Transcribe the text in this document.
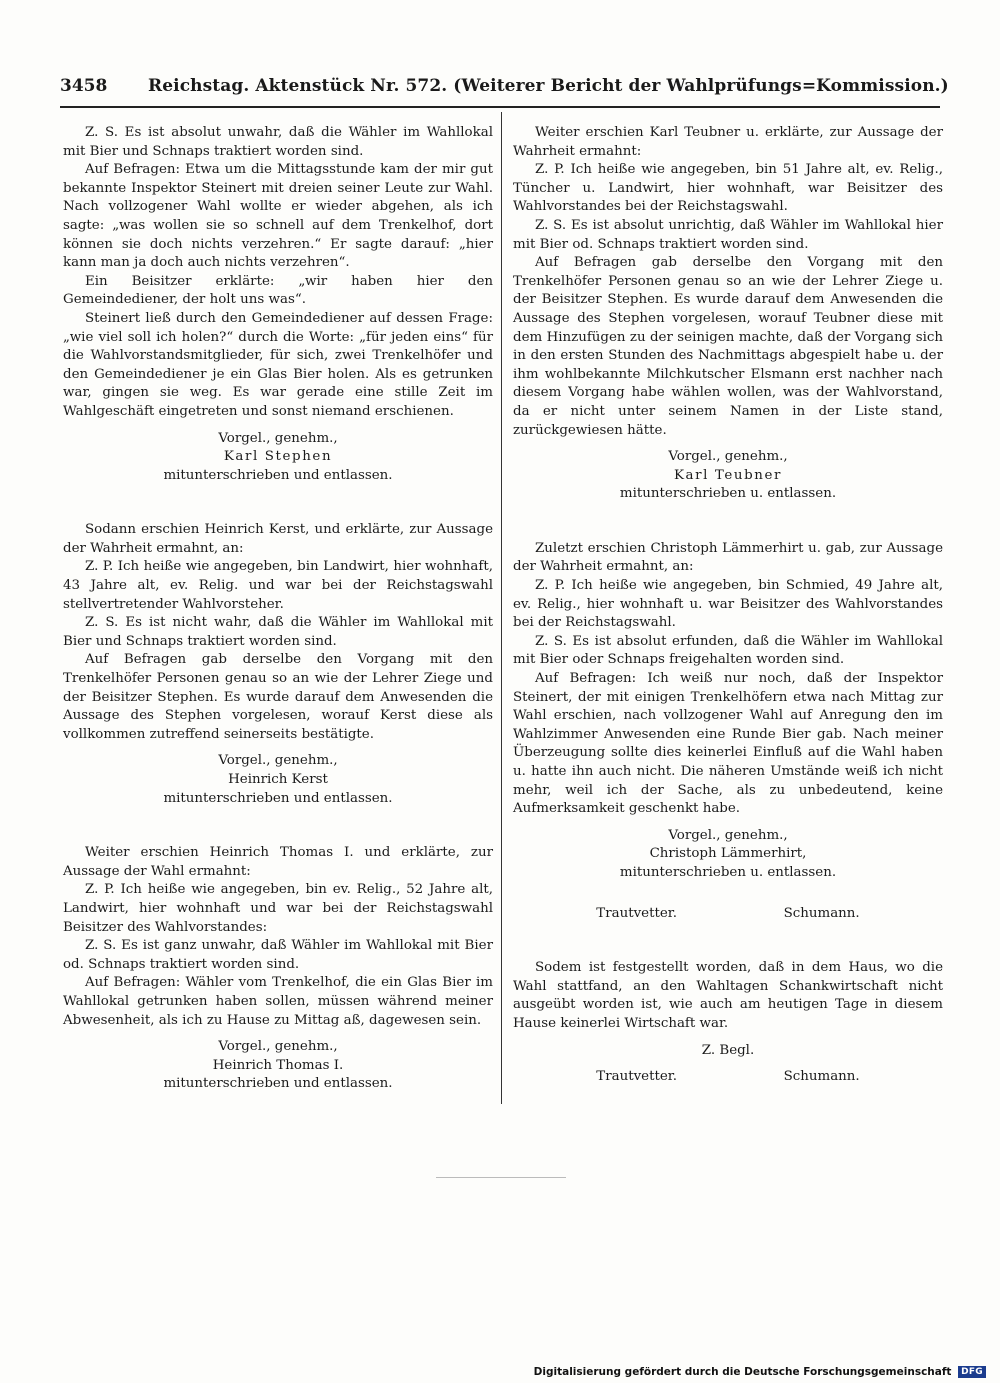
3458 Reichstag. Aktenstück Nr. 572. (Weiterer Bericht der Wahlprüfungs=Kommission.)

Z. S. Es ist absolut unwahr, daß die Wähler im Wahllokal mit Bier und Schnaps traktiert worden sind.

Auf Befragen: Etwa um die Mittagsstunde kam der mir gut bekannte Inspektor Steinert mit dreien seiner Leute zur Wahl. Nach vollzogener Wahl wollte er wieder abgehen, als ich sagte: „was wollen sie so schnell auf dem Trenkelhof, dort können sie doch nichts verzehren.“ Er sagte darauf: „hier kann man ja doch auch nichts verzehren“.

Ein Beisitzer erklärte: „wir haben hier den Gemeindediener, der holt uns was“.

Steinert ließ durch den Gemeindediener auf dessen Frage: „wie viel soll ich holen?“ durch die Worte: „für jeden eins“ für die Wahlvorstandsmitglieder, für sich, zwei Trenkelhöfer und den Gemeindediener je ein Glas Bier holen. Als es getrunken war, gingen sie weg. Es war gerade eine stille Zeit im Wahlgeschäft eingetreten und sonst niemand erschienen.

Vorgel., genehm.,

Karl Stephen

mitunterschrieben und entlassen.

Sodann erschien Heinrich Kerst, und erklärte, zur Aussage der Wahrheit ermahnt, an:

Z. P. Ich heiße wie angegeben, bin Landwirt, hier wohnhaft, 43 Jahre alt, ev. Relig. und war bei der Reichstagswahl stellvertretender Wahlvorsteher.

Z. S. Es ist nicht wahr, daß die Wähler im Wahllokal mit Bier und Schnaps traktiert worden sind.

Auf Befragen gab derselbe den Vorgang mit den Trenkelhöfer Personen genau so an wie der Lehrer Ziege und der Beisitzer Stephen. Es wurde darauf dem Anwesenden die Aussage des Stephen vorgelesen, worauf Kerst diese als vollkommen zutreffend seinerseits bestätigte.

Vorgel., genehm.,

Heinrich Kerst

mitunterschrieben und entlassen.

Weiter erschien Heinrich Thomas I. und erklärte, zur Aussage der Wahl ermahnt:

Z. P. Ich heiße wie angegeben, bin ev. Relig., 52 Jahre alt, Landwirt, hier wohnhaft und war bei der Reichstagswahl Beisitzer des Wahlvorstandes:

Z. S. Es ist ganz unwahr, daß Wähler im Wahllokal mit Bier od. Schnaps traktiert worden sind.

Auf Befragen: Wähler vom Trenkelhof, die ein Glas Bier im Wahllokal getrunken haben sollen, müssen während meiner Abwesenheit, als ich zu Hause zu Mittag aß, dagewesen sein.

Vorgel., genehm.,

Heinrich Thomas I.

mitunterschrieben und entlassen.

Weiter erschien Karl Teubner u. erklärte, zur Aussage der Wahrheit ermahnt:

Z. P. Ich heiße wie angegeben, bin 51 Jahre alt, ev. Relig., Tüncher u. Landwirt, hier wohnhaft, war Beisitzer des Wahlvorstandes bei der Reichstagswahl.

Z. S. Es ist absolut unrichtig, daß Wähler im Wahllokal hier mit Bier od. Schnaps traktiert worden sind.

Auf Befragen gab derselbe den Vorgang mit den Trenkelhöfer Personen genau so an wie der Lehrer Ziege u. der Beisitzer Stephen. Es wurde darauf dem Anwesenden die Aussage des Stephen vorgelesen, worauf Teubner diese mit dem Hinzufügen zu der seinigen machte, daß der Vorgang sich in den ersten Stunden des Nachmittags abgespielt habe u. der ihm wohlbekannte Milchkutscher Elsmann erst nachher nach diesem Vorgang habe wählen wollen, was der Wahlvorstand, da er nicht unter seinem Namen in der Liste stand, zurückgewiesen hätte.

Vorgel., genehm.,

Karl Teubner

mitunterschrieben u. entlassen.

Zuletzt erschien Christoph Lämmerhirt u. gab, zur Aussage der Wahrheit ermahnt, an:

Z. P. Ich heiße wie angegeben, bin Schmied, 49 Jahre alt, ev. Relig., hier wohnhaft u. war Beisitzer des Wahlvorstandes bei der Reichstagswahl.

Z. S. Es ist absolut erfunden, daß die Wähler im Wahllokal mit Bier oder Schnaps freigehalten worden sind.

Auf Befragen: Ich weiß nur noch, daß der Inspektor Steinert, der mit einigen Trenkelhöfern etwa nach Mittag zur Wahl erschien, nach vollzogener Wahl auf Anregung den im Wahlzimmer Anwesenden eine Runde Bier gab. Nach meiner Überzeugung sollte dies keinerlei Einfluß auf die Wahl haben u. hatte ihn auch nicht. Die näheren Umstände weiß ich nicht mehr, weil ich der Sache, als zu unbedeutend, keine Aufmerksamkeit geschenkt habe.

Vorgel., genehm.,

Christoph Lämmerhirt,

mitunterschrieben u. entlassen.

Trautvetter.	Schumann.

Sodem ist festgestellt worden, daß in dem Haus, wo die Wahl stattfand, an den Wahltagen Schankwirtschaft nicht ausgeübt worden ist, wie auch am heutigen Tage in diesem Hause keinerlei Wirtschaft war.

Z. Begl.

Trautvetter.	Schumann.
Digitalisierung gefördert durch die Deutsche Forschungsgemeinschaft DFG
